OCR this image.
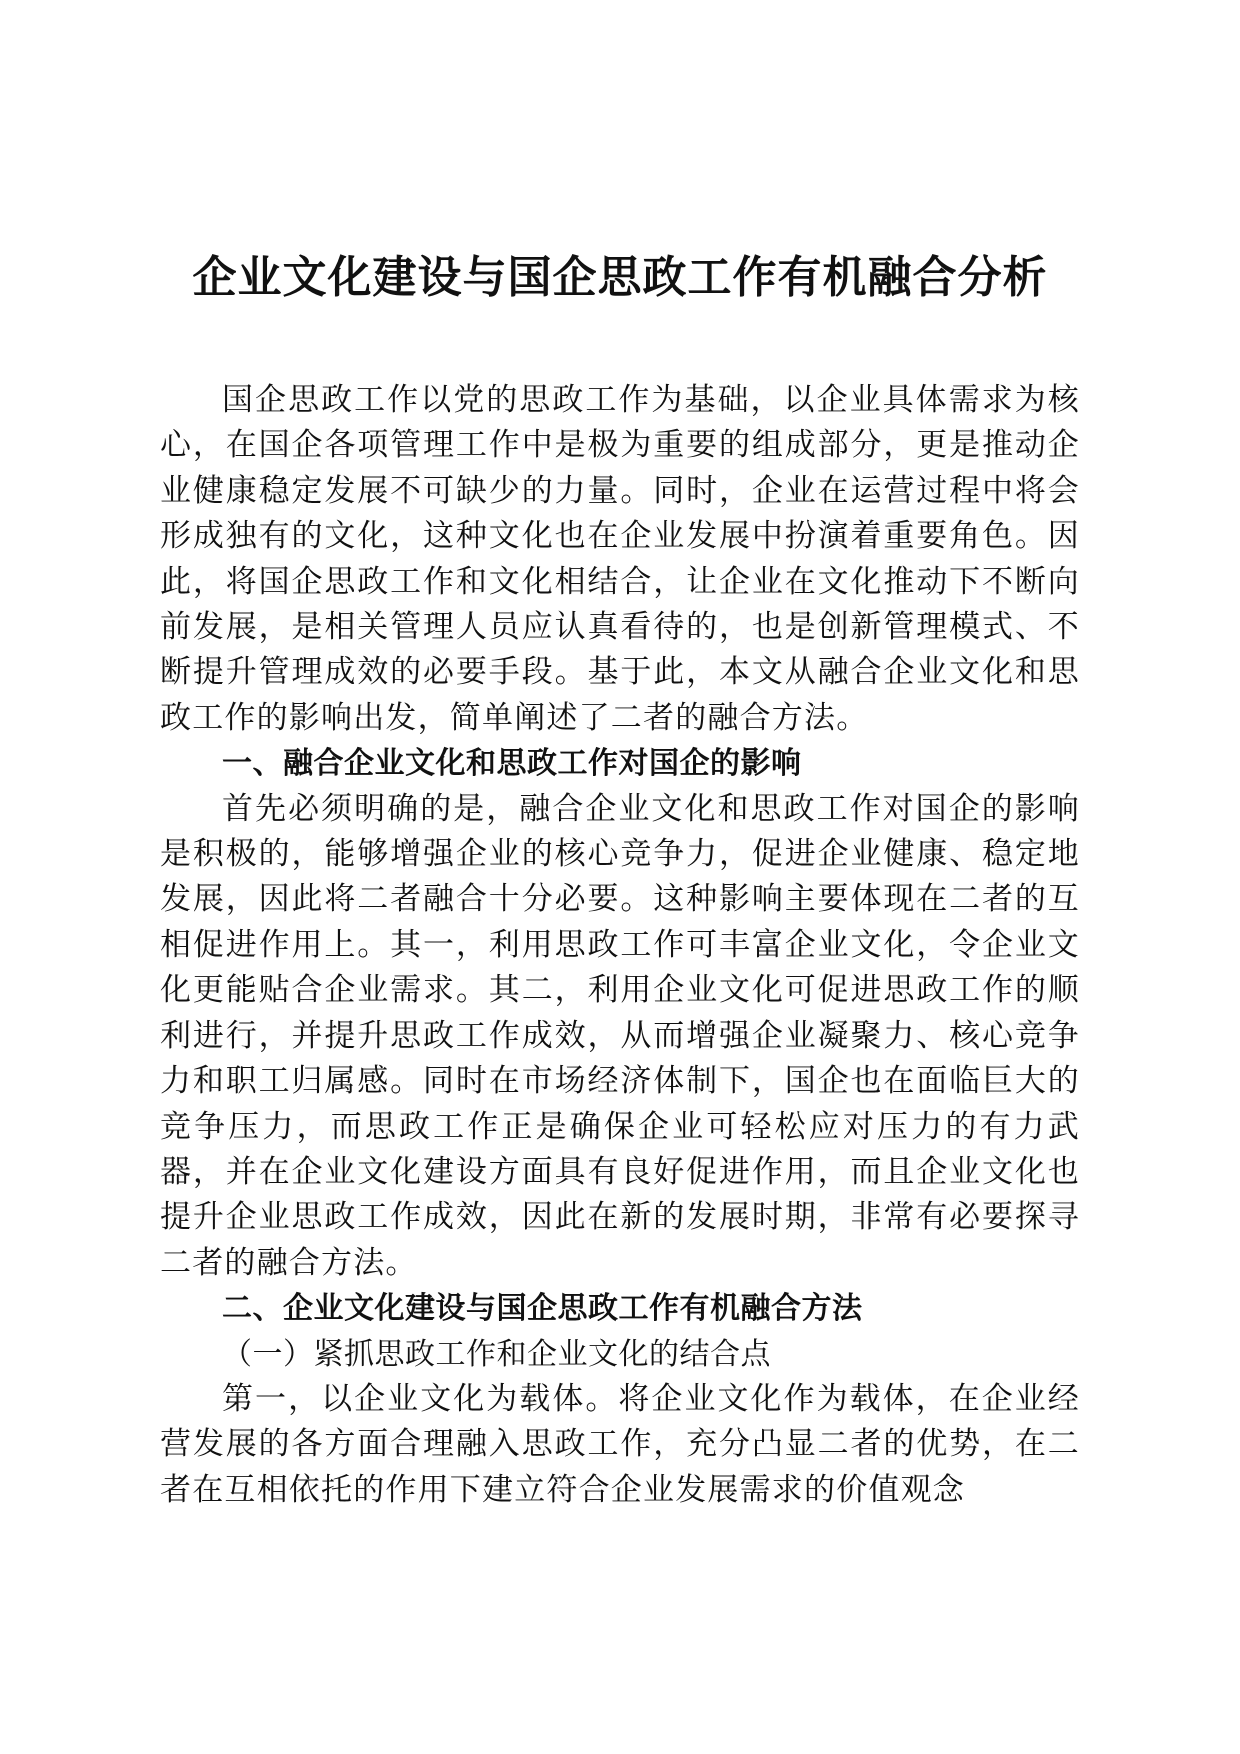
企业文化建设与国企思政工作有机融合分析

国企思政工作以党的思政工作为基础，以企业具体需求为核心，在国企各项管理工作中是极为重要的组成部分，更是推动企业健康稳定发展不可缺少的力量。同时，企业在运营过程中将会形成独有的文化，这种文化也在企业发展中扮演着重要角色。因此，将国企思政工作和文化相结合，让企业在文化推动下不断向前发展，是相关管理人员应认真看待的，也是创新管理模式、不断提升管理成效的必要手段。基于此，本文从融合企业文化和思政工作的影响出发，简单阐述了二者的融合方法。

一、融合企业文化和思政工作对国企的影响

首先必须明确的是，融合企业文化和思政工作对国企的影响是积极的，能够增强企业的核心竞争力，促进企业健康、稳定地发展，因此将二者融合十分必要。这种影响主要体现在二者的互相促进作用上。其一，利用思政工作可丰富企业文化，令企业文化更能贴合企业需求。其二，利用企业文化可促进思政工作的顺利进行，并提升思政工作成效，从而增强企业凝聚力、核心竞争力和职工归属感。同时在市场经济体制下，国企也在面临巨大的竞争压力，而思政工作正是确保企业可轻松应对压力的有力武器，并在企业文化建设方面具有良好促进作用，而且企业文化也提升企业思政工作成效，因此在新的发展时期，非常有必要探寻二者的融合方法。

二、企业文化建设与国企思政工作有机融合方法

（一）紧抓思政工作和企业文化的结合点

第一，以企业文化为载体。将企业文化作为载体，在企业经营发展的各方面合理融入思政工作，充分凸显二者的优势，在二者在互相依托的作用下建立符合企业发展需求的价值观念
